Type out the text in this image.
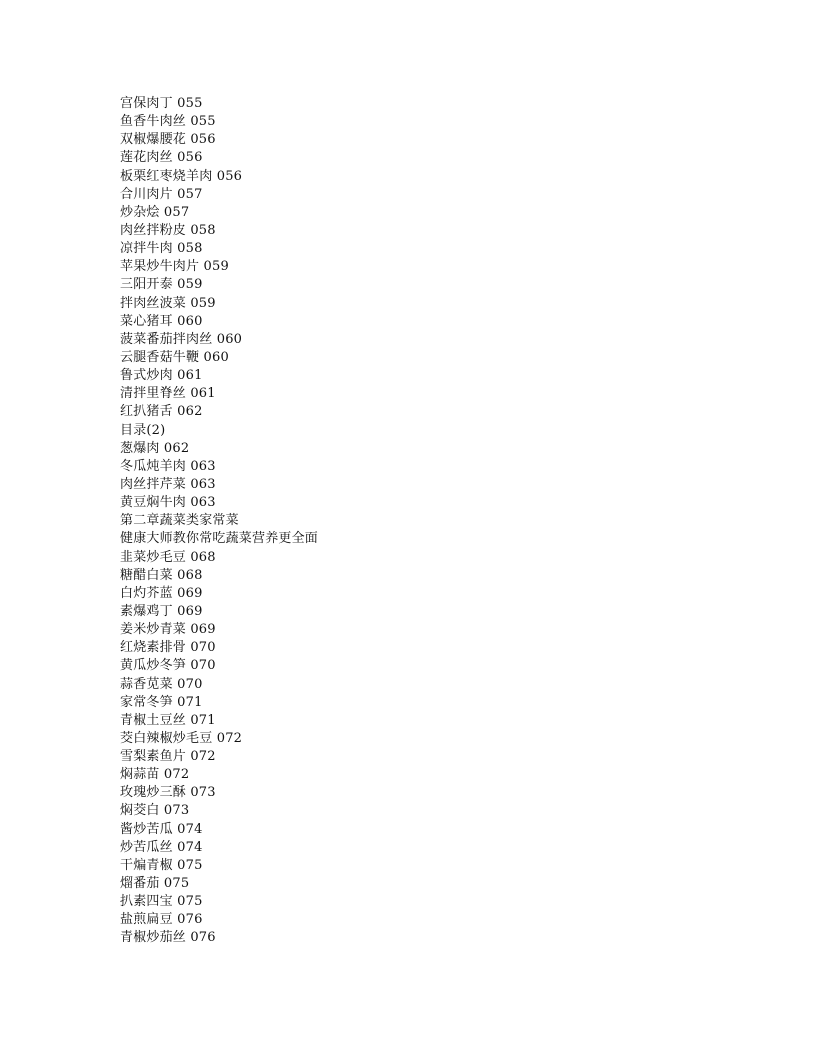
宫保肉丁 055
鱼香牛肉丝 055
双椒爆腰花 056
莲花肉丝 056
板栗红枣烧羊肉 056
合川肉片 057
炒杂烩 057
肉丝拌粉皮 058
凉拌牛肉 058
苹果炒牛肉片 059
三阳开泰 059
拌肉丝波菜 059
菜心猪耳 060
菠菜番茄拌肉丝 060
云腿香菇牛鞭 060
鲁式炒肉 061
清拌里脊丝 061
红扒猪舌 062
目录(2)
葱爆肉 062
冬瓜炖羊肉 063
肉丝拌芹菜 063
黄豆焖牛肉 063
第二章蔬菜类家常菜
健康大师教你常吃蔬菜营养更全面
韭菜炒毛豆 068
糖醋白菜 068
白灼芥蓝 069
素爆鸡丁 069
姜米炒青菜 069
红烧素排骨 070
黄瓜炒冬笋 070
蒜香苋菜 070
家常冬笋 071
青椒土豆丝 071
茭白辣椒炒毛豆 072
雪梨素鱼片 072
焖蒜苗 072
玫瑰炒三酥 073
焖茭白 073
酱炒苦瓜 074
炒苦瓜丝 074
干煸青椒 075
熘番茄 075
扒素四宝 075
盐煎扁豆 076
青椒炒茄丝 076
